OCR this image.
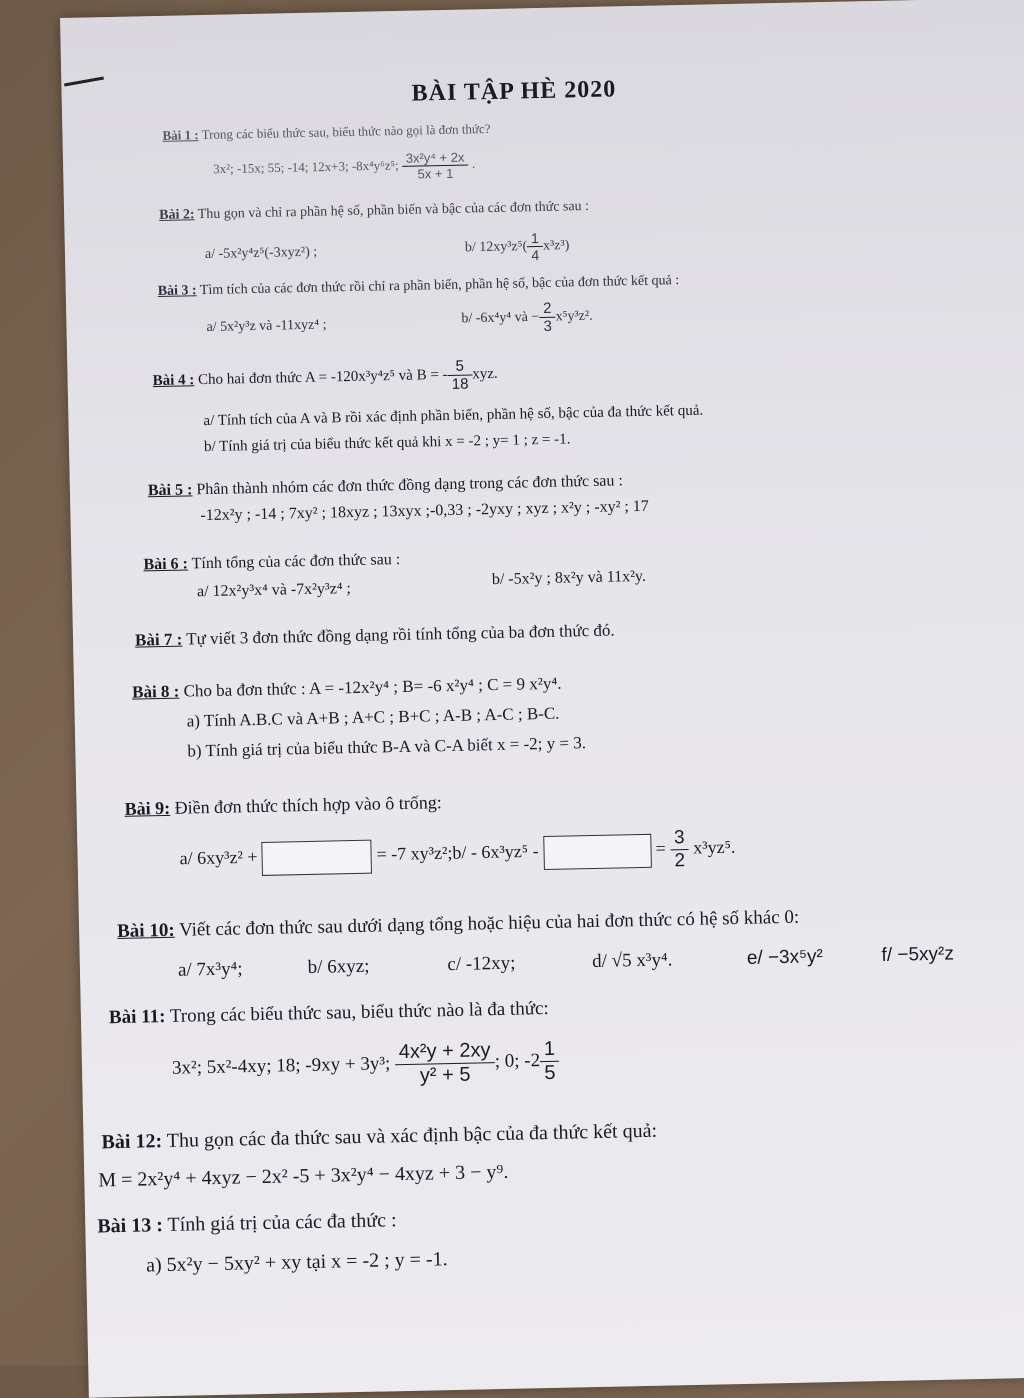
BÀI TẬP HÈ 2020
Bài 1 : Trong các biểu thức sau, biểu thức nào gọi là đơn thức?
3x²; -15x; 55; -14; 12x+3; -8x⁴y⁶z⁵; $\frac{\text{3x²y⁴ + 2x}}{5x + 1}$ .
Bài 2: Thu gọn và chỉ ra phần hệ số, phần biến và bậc của các đơn thức sau :
a/ -5x²y⁴z⁵(-3xyz²) ;	b/ $12xy^3z^5( \frac{1}{4} x^3z^3)$
Bài 3 : Tìm tích của các đơn thức rồi chỉ ra phần biến, phần hệ số, bậc của đơn thức kết quả :
a/ 5x²y³z và -11xyz⁴ ;	b/ -6x⁴y⁴ và − $\frac{2}{3} x^5y^3z^2$.
Bài 4 : Cho hai đơn thức A = -120x³y⁴z⁵ và B = - $\frac{5}{18}$ xyz.
a/ Tính tích của A và B rồi xác định phần biến, phần hệ số, bậc của đa thức kết quả.
b/ Tính giá trị của biểu thức kết quả khi x = -2 ; y= 1 ; z = -1.
Bài 5 : Phân thành nhóm các đơn thức đồng dạng trong các đơn thức sau :
-12x²y ; -14 ; 7xy² ; 18xyz ; 13xyx ;-0,33 ; -2yxy ; xyz ; x²y ; -xy² ; 17
Bài 6 : Tính tổng của các đơn thức sau :
a/ 12x²y³x⁴ và -7x²y³z⁴ ;
b/ -5x²y ; 8x²y và 11x²y.
Bài 7 : Tự viết 3 đơn thức đồng dạng rồi tính tổng của ba đơn thức đó.
Bài 8 : Cho ba đơn thức : A = -12x²y⁴ ; B= -6 x²y⁴ ; C = 9 x²y⁴.
a) Tính A.B.C và A+B ; A+C ; B+C ; A-B ; A-C ; B-C.
b) Tính giá trị của biểu thức B-A và C-A biết x = -2; y = 3.
Bài 9: Điền đơn thức thích hợp vào ô trống:
a/ 6xy³z² +	= -7 xy³z²;b/ - 6x³yz⁵ -	= $\frac{3}{2} x^3yz^5$.
Bài 10: Viết các đơn thức sau dưới dạng tổng hoặc hiệu của hai đơn thức có hệ số khác 0:
a/ 7x³y⁴;	b/ 6xyz;	c/ -12xy;	d/ √5 x³y⁴.	e/ −3x⁵y²	f/ −5xy²z
Bài 11: Trong các biểu thức sau, biểu thức nào là đa thức:
3x²; 5x²-4xy; 18; -9xy + 3y³; $\frac{\text{4x²y + 2xy}}{\text{y² + 5}}$ ; 0; $-2 \frac{1}{5}$
Bài 12: Thu gọn các đa thức sau và xác định bậc của đa thức kết quả:
M = 2x²y⁴ + 4xyz − 2x² -5 + 3x²y⁴ − 4xyz + 3 − y⁹.
Bài 13 : Tính giá trị của các đa thức :
a) 5x²y − 5xy² + xy tại x = -2 ; y = -1.
